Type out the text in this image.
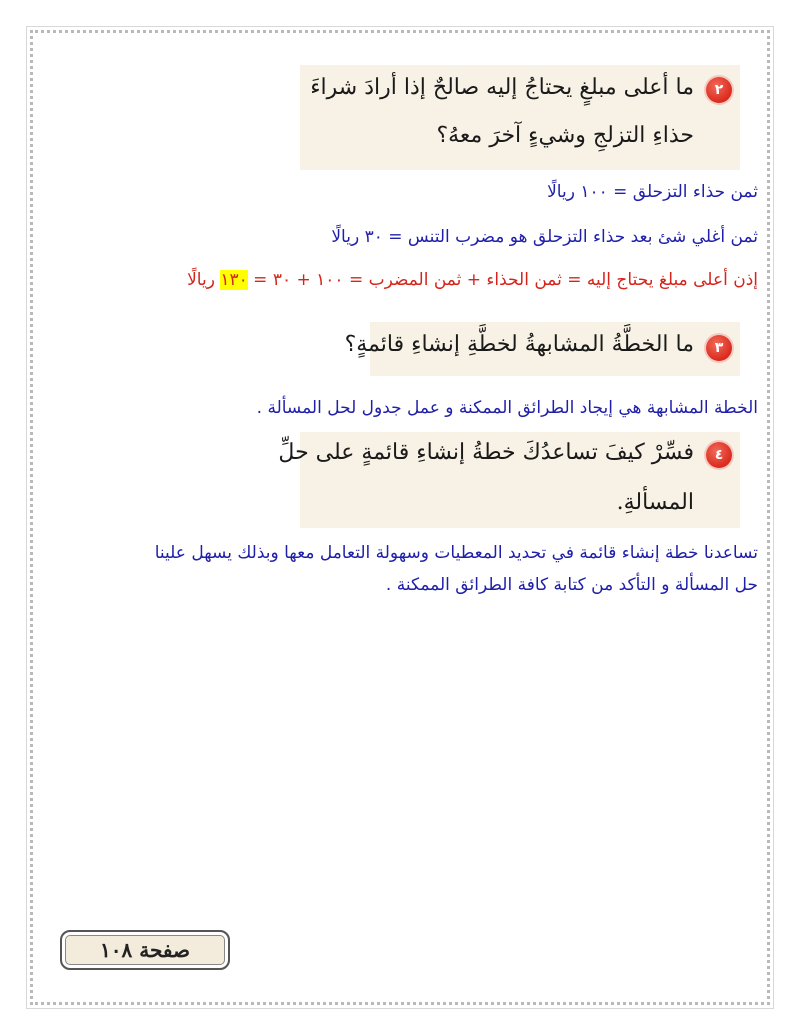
٢
ما أعلى مبلغٍ يحتاجُ إليه صالحٌ إذا أرادَ شراءَ
حذاءِ التزلجِ وشيءٍ آخرَ معهُ؟
ثمن حذاء التزحلق = ١٠٠ ريالًا
ثمن أغلي شئ بعد حذاء التزحلق هو مضرب التنس = ٣٠ ريالًا
إذن أعلى مبلغ يحتاج إليه = ثمن الحذاء + ثمن المضرب = ١٠٠ + ٣٠ = ١٣٠ ريالًا
٣
ما الخطَّةُ المشابهةُ لخطَّةِ إنشاءِ قائمةٍ؟
الخطة المشابهة هي إيجاد الطرائق الممكنة و عمل جدول لحل المسألة .
٤
فسِّرْ كيفَ تساعدُكَ خطةُ إنشاءِ قائمةٍ على حلِّ
المسألةِ.
تساعدنا خطة إنشاء قائمة في تحديد المعطيات وسهولة التعامل معها وبذلك يسهل علينا
حل المسألة و التأكد من كتابة كافة الطرائق الممكنة .
صفحة ١٠٨
